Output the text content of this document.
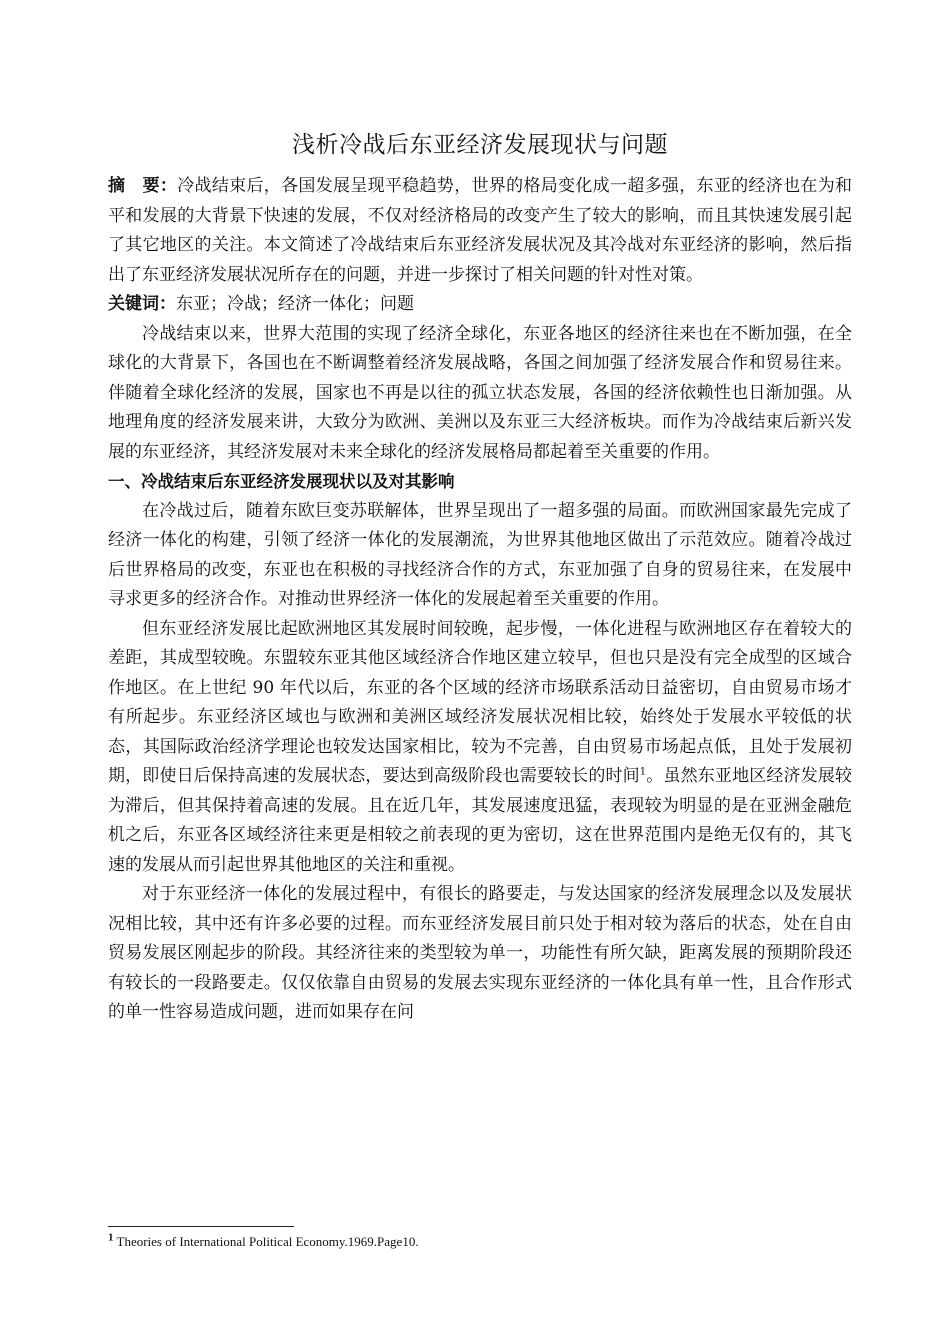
浅析冷战后东亚经济发展现状与问题

摘　要：冷战结束后，各国发展呈现平稳趋势，世界的格局变化成一超多强，东亚的经济也在为和平和发展的大背景下快速的发展，不仅对经济格局的改变产生了较大的影响，而且其快速发展引起了其它地区的关注。本文简述了冷战结束后东亚经济发展状况及其冷战对东亚经济的影响，然后指出了东亚经济发展状况所存在的问题，并进一步探讨了相关问题的针对性对策。

关键词：东亚；冷战；经济一体化；问题

冷战结束以来，世界大范围的实现了经济全球化，东亚各地区的经济往来也在不断加强，在全球化的大背景下，各国也在不断调整着经济发展战略，各国之间加强了经济发展合作和贸易往来。伴随着全球化经济的发展，国家也不再是以往的孤立状态发展，各国的经济依赖性也日渐加强。从地理角度的经济发展来讲，大致分为欧洲、美洲以及东亚三大经济板块。而作为冷战结束后新兴发展的东亚经济，其经济发展对未来全球化的经济发展格局都起着至关重要的作用。

一、冷战结束后东亚经济发展现状以及对其影响

在冷战过后，随着东欧巨变苏联解体，世界呈现出了一超多强的局面。而欧洲国家最先完成了经济一体化的构建，引领了经济一体化的发展潮流，为世界其他地区做出了示范效应。随着冷战过后世界格局的改变，东亚也在积极的寻找经济合作的方式，东亚加强了自身的贸易往来，在发展中寻求更多的经济合作。对推动世界经济一体化的发展起着至关重要的作用。

但东亚经济发展比起欧洲地区其发展时间较晚，起步慢，一体化进程与欧洲地区存在着较大的差距，其成型较晚。东盟较东亚其他区域经济合作地区建立较早，但也只是没有完全成型的区域合作地区。在上世纪 90 年代以后，东亚的各个区域的经济市场联系活动日益密切，自由贸易市场才有所起步。东亚经济区域也与欧洲和美洲区域经济发展状况相比较，始终处于发展水平较低的状态，其国际政治经济学理论也较发达国家相比，较为不完善，自由贸易市场起点低，且处于发展初期，即使日后保持高速的发展状态，要达到高级阶段也需要较长的时间$^1$。虽然东亚地区经济发展较为滞后，但其保持着高速的发展。且在近几年，其发展速度迅猛，表现较为明显的是在亚洲金融危机之后，东亚各区域经济往来更是相较之前表现的更为密切，这在世界范围内是绝无仅有的，其飞速的发展从而引起世界其他地区的关注和重视。

对于东亚经济一体化的发展过程中，有很长的路要走，与发达国家的经济发展理念以及发展状况相比较，其中还有许多必要的过程。而东亚经济发展目前只处于相对较为落后的状态，处在自由贸易发展区刚起步的阶段。其经济往来的类型较为单一，功能性有所欠缺，距离发展的预期阶段还有较长的一段路要走。仅仅依靠自由贸易的发展去实现东亚经济的一体化具有单一性，且合作形式的单一性容易造成问题，进而如果存在问

$^1$ Theories of International Political Economy.1969.Page10.
